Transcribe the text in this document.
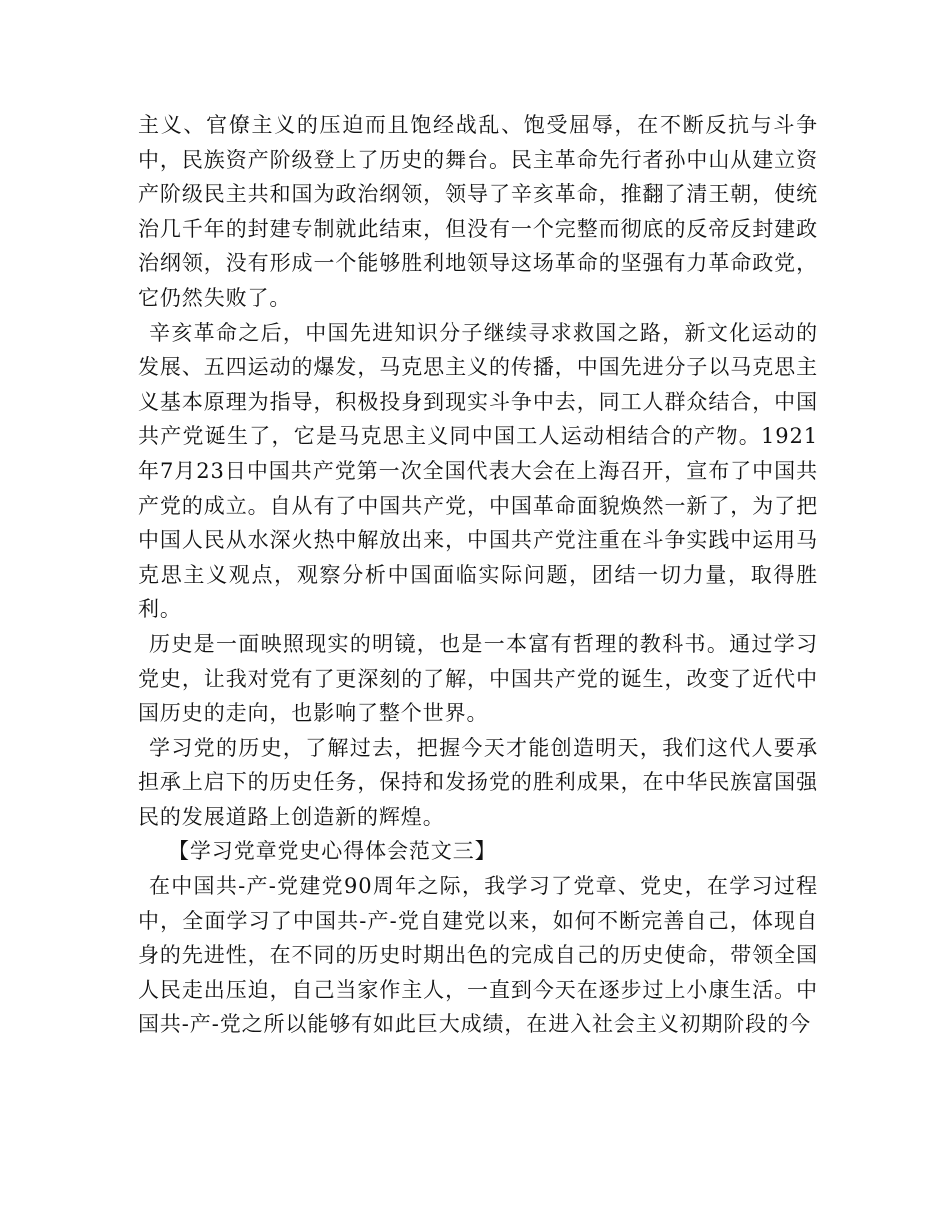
主义、官僚主义的压迫而且饱经战乱、饱受屈辱，在不断反抗与斗争中，民族资产阶级登上了历史的舞台。民主革命先行者孙中山从建立资产阶级民主共和国为政治纲领，领导了辛亥革命，推翻了清王朝，使统治几千年的封建专制就此结束，但没有一个完整而彻底的反帝反封建政治纲领，没有形成一个能够胜利地领导这场革命的坚强有力革命政党，它仍然失败了。

辛亥革命之后，中国先进知识分子继续寻求救国之路，新文化运动的发展、五四运动的爆发，马克思主义的传播，中国先进分子以马克思主义基本原理为指导，积极投身到现实斗争中去，同工人群众结合，中国共产党诞生了，它是马克思主义同中国工人运动相结合的产物。1921年7月23日中国共产党第一次全国代表大会在上海召开，宣布了中国共产党的成立。自从有了中国共产党，中国革命面貌焕然一新了，为了把中国人民从水深火热中解放出来，中国共产党注重在斗争实践中运用马克思主义观点，观察分析中国面临实际问题，团结一切力量，取得胜利。

历史是一面映照现实的明镜，也是一本富有哲理的教科书。通过学习党史，让我对党有了更深刻的了解，中国共产党的诞生，改变了近代中国历史的走向，也影响了整个世界。

学习党的历史，了解过去，把握今天才能创造明天，我们这代人要承担承上启下的历史任务，保持和发扬党的胜利成果，在中华民族富国强民的发展道路上创造新的辉煌。

【学习党章党史心得体会范文三】

在中国共-产-党建党90周年之际，我学习了党章、党史，在学习过程中，全面学习了中国共-产-党自建党以来，如何不断完善自己，体现自身的先进性，在不同的历史时期出色的完成自己的历史使命，带领全国人民走出压迫，自己当家作主人，一直到今天在逐步过上小康生活。中国共-产-党之所以能够有如此巨大成绩，在进入社会主义初期阶段的今
